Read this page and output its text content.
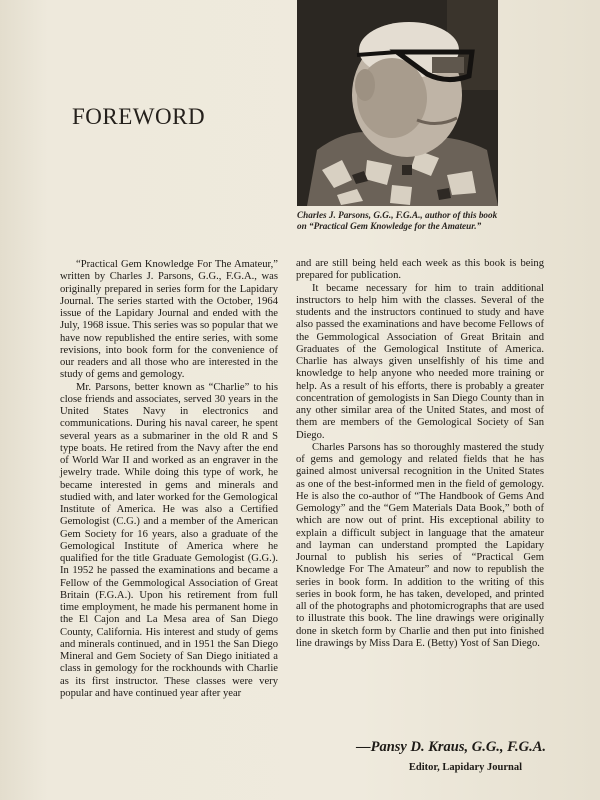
FOREWORD
Charles J. Parsons, G.G., F.G.A., author of this book on “Practical Gem Knowledge for the Amateur.”

“Practical Gem Knowledge For The Amateur,” written by Charles J. Parsons, G.G., F.G.A., was originally prepared in series form for the Lapidary Journal. The series started with the October, 1964 issue of the Lapidary Journal and ended with the July, 1968 issue. This series was so popular that we have now republished the entire series, with some revisions, into book form for the convenience of our readers and all those who are interested in the study of gems and gemology.

Mr. Parsons, better known as “Charlie” to his close friends and associates, served 30 years in the United States Navy in electronics and communications. During his naval career, he spent several years as a submariner in the old R and S type boats. He retired from the Navy after the end of World War II and worked as an engraver in the jewelry trade. While doing this type of work, he became interested in gems and minerals and studied with, and later worked for the Gemological Institute of America. He was also a Certified Gemologist (C.G.) and a member of the American Gem Society for 16 years, also a graduate of the Gemological Institute of America where he qualified for the title Graduate Gemologist (G.G.). In 1952 he passed the examinations and became a Fellow of the Gemmological Association of Great Britain (F.G.A.). Upon his retirement from full time employment, he made his permanent home in the El Cajon and La Mesa area of San Diego County, California. His interest and study of gems and minerals continued, and in 1951 the San Diego Mineral and Gem Society of San Diego initiated a class in gemology for the rockhounds with Charlie as its first instructor. These classes were very popular and have continued year after year

and are still being held each week as this book is being prepared for publication.

It became necessary for him to train additional instructors to help him with the classes. Several of the students and the instructors continued to study and have also passed the examinations and have become Fellows of the Gemmological Association of Great Britain and Graduates of the Gemological Institute of America. Charlie has always given unselfishly of his time and knowledge to help anyone who needed more training or help. As a result of his efforts, there is probably a greater concentration of gemologists in San Diego County than in any other similar area of the United States, and most of them are members of the Gemological Society of San Diego.

Charles Parsons has so thoroughly mastered the study of gems and gemology and related fields that he has gained almost universal recognition in the United States as one of the best-informed men in the field of gemology. He is also the co-author of “The Handbook of Gems And Gemology” and the “Gem Materials Data Book,” both of which are now out of print. His exceptional ability to explain a difficult subject in language that the amateur and layman can understand prompted the Lapidary Journal to publish his series of “Practical Gem Knowledge For The Amateur” and now to republish the series in book form. In addition to the writing of this series in book form, he has taken, developed, and printed all of the photographs and photomicrographs that are used to illustrate this book. The line drawings were originally done in sketch form by Charlie and then put into finished line drawings by Miss Dara E. (Betty) Yost of San Diego.

—Pansy D. Kraus, G.G., F.G.A.
Editor, Lapidary Journal
